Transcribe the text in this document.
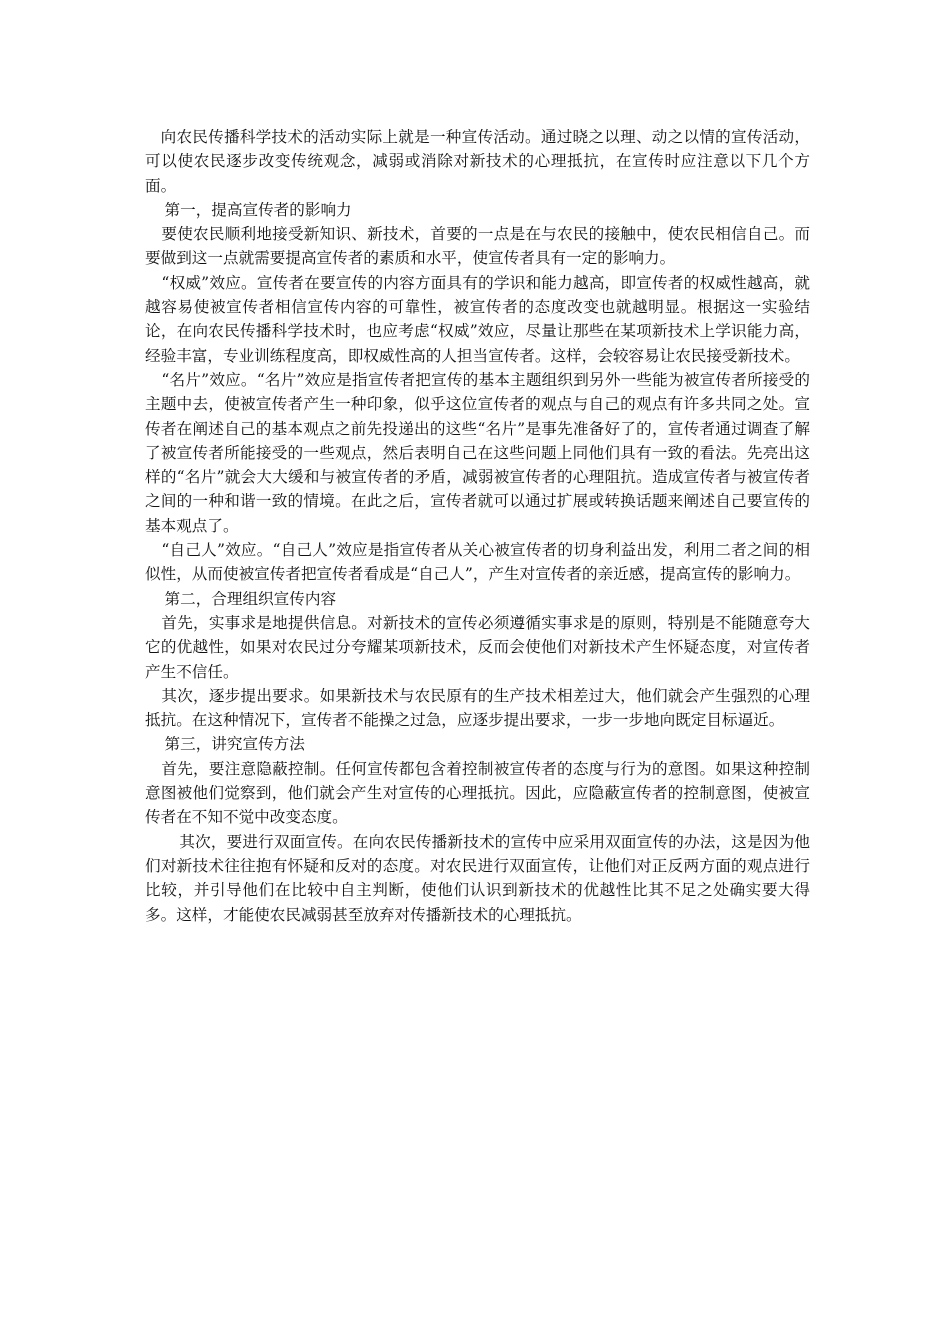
向农民传播科学技术的活动实际上就是一种宣传活动。通过晓之以理、动之以情的宣传活动，可以使农民逐步改变传统观念，减弱或消除对新技术的心理抵抗，在宣传时应注意以下几个方面。

第一，提高宣传者的影响力

要使农民顺利地接受新知识、新技术，首要的一点是在与农民的接触中，使农民相信自己。而要做到这一点就需要提高宣传者的素质和水平，使宣传者具有一定的影响力。

“权威”效应。宣传者在要宣传的内容方面具有的学识和能力越高，即宣传者的权威性越高，就越容易使被宣传者相信宣传内容的可靠性，被宣传者的态度改变也就越明显。根据这一实验结论，在向农民传播科学技术时，也应考虑“权威”效应，尽量让那些在某项新技术上学识能力高，经验丰富，专业训练程度高，即权威性高的人担当宣传者。这样，会较容易让农民接受新技术。

“名片”效应。“名片”效应是指宣传者把宣传的基本主题组织到另外一些能为被宣传者所接受的主题中去，使被宣传者产生一种印象，似乎这位宣传者的观点与自己的观点有许多共同之处。宣传者在阐述自己的基本观点之前先投递出的这些“名片”是事先准备好了的，宣传者通过调查了解了被宣传者所能接受的一些观点，然后表明自己在这些问题上同他们具有一致的看法。先亮出这样的“名片”就会大大缓和与被宣传者的矛盾，减弱被宣传者的心理阻抗。造成宣传者与被宣传者之间的一种和谐一致的情境。在此之后，宣传者就可以通过扩展或转换话题来阐述自己要宣传的基本观点了。

“自己人”效应。“自己人”效应是指宣传者从关心被宣传者的切身利益出发，利用二者之间的相似性，从而使被宣传者把宣传者看成是“自己人”，产生对宣传者的亲近感，提高宣传的影响力。

第二，合理组织宣传内容

首先，实事求是地提供信息。对新技术的宣传必须遵循实事求是的原则，特别是不能随意夸大它的优越性，如果对农民过分夸耀某项新技术，反而会使他们对新技术产生怀疑态度，对宣传者产生不信任。

其次，逐步提出要求。如果新技术与农民原有的生产技术相差过大，他们就会产生强烈的心理抵抗。在这种情况下，宣传者不能操之过急，应逐步提出要求，一步一步地向既定目标逼近。

第三，讲究宣传方法

首先，要注意隐蔽控制。任何宣传都包含着控制被宣传者的态度与行为的意图。如果这种控制意图被他们觉察到，他们就会产生对宣传的心理抵抗。因此，应隐蔽宣传者的控制意图，使被宣传者在不知不觉中改变态度。

其次，要进行双面宣传。在向农民传播新技术的宣传中应采用双面宣传的办法，这是因为他们对新技术往往抱有怀疑和反对的态度。对农民进行双面宣传，让他们对正反两方面的观点进行比较，并引导他们在比较中自主判断，使他们认识到新技术的优越性比其不足之处确实要大得多。这样，才能使农民减弱甚至放弃对传播新技术的心理抵抗。
